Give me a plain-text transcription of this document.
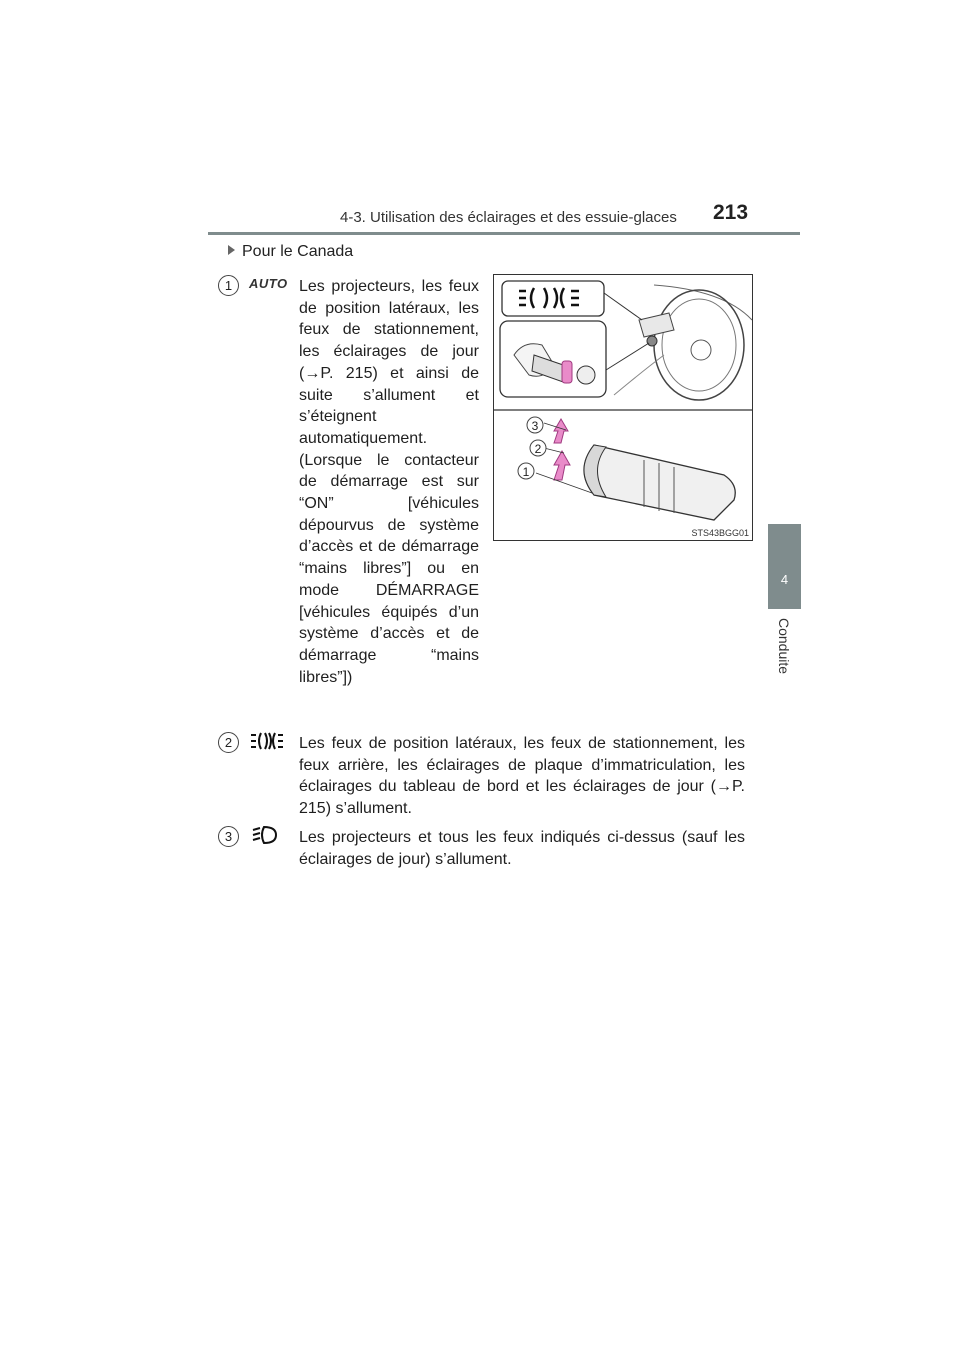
4-3. Utilisation des éclairages et des essuie-glaces 213
4
Conduite
Pour le Canada
1	AUTO Les projecteurs, les feux de position latéraux, les feux de stationnement, les éclairages de jour (→P. 215) et ainsi de suite s’allument et s’éteignent automatiquement. (Lorsque le contacteur de démarrage est sur “ON” [véhicules dépourvus de système d’accès et de démarrage “mains libres”] ou en mode DÉMARRAGE [véhicules équipés d’un système d’accès et de démarrage “mains libres”])
3
2
1
STS43BGG01
2	Les feux de position latéraux, les feux de stationnement, les feux arrière, les éclairages de plaque d’immatriculation, les éclairages du tableau de bord et les éclairages de jour (→P. 215) s’allument.
3	Les projecteurs et tous les feux indiqués ci-dessus (sauf les éclairages de jour) s’allument.
